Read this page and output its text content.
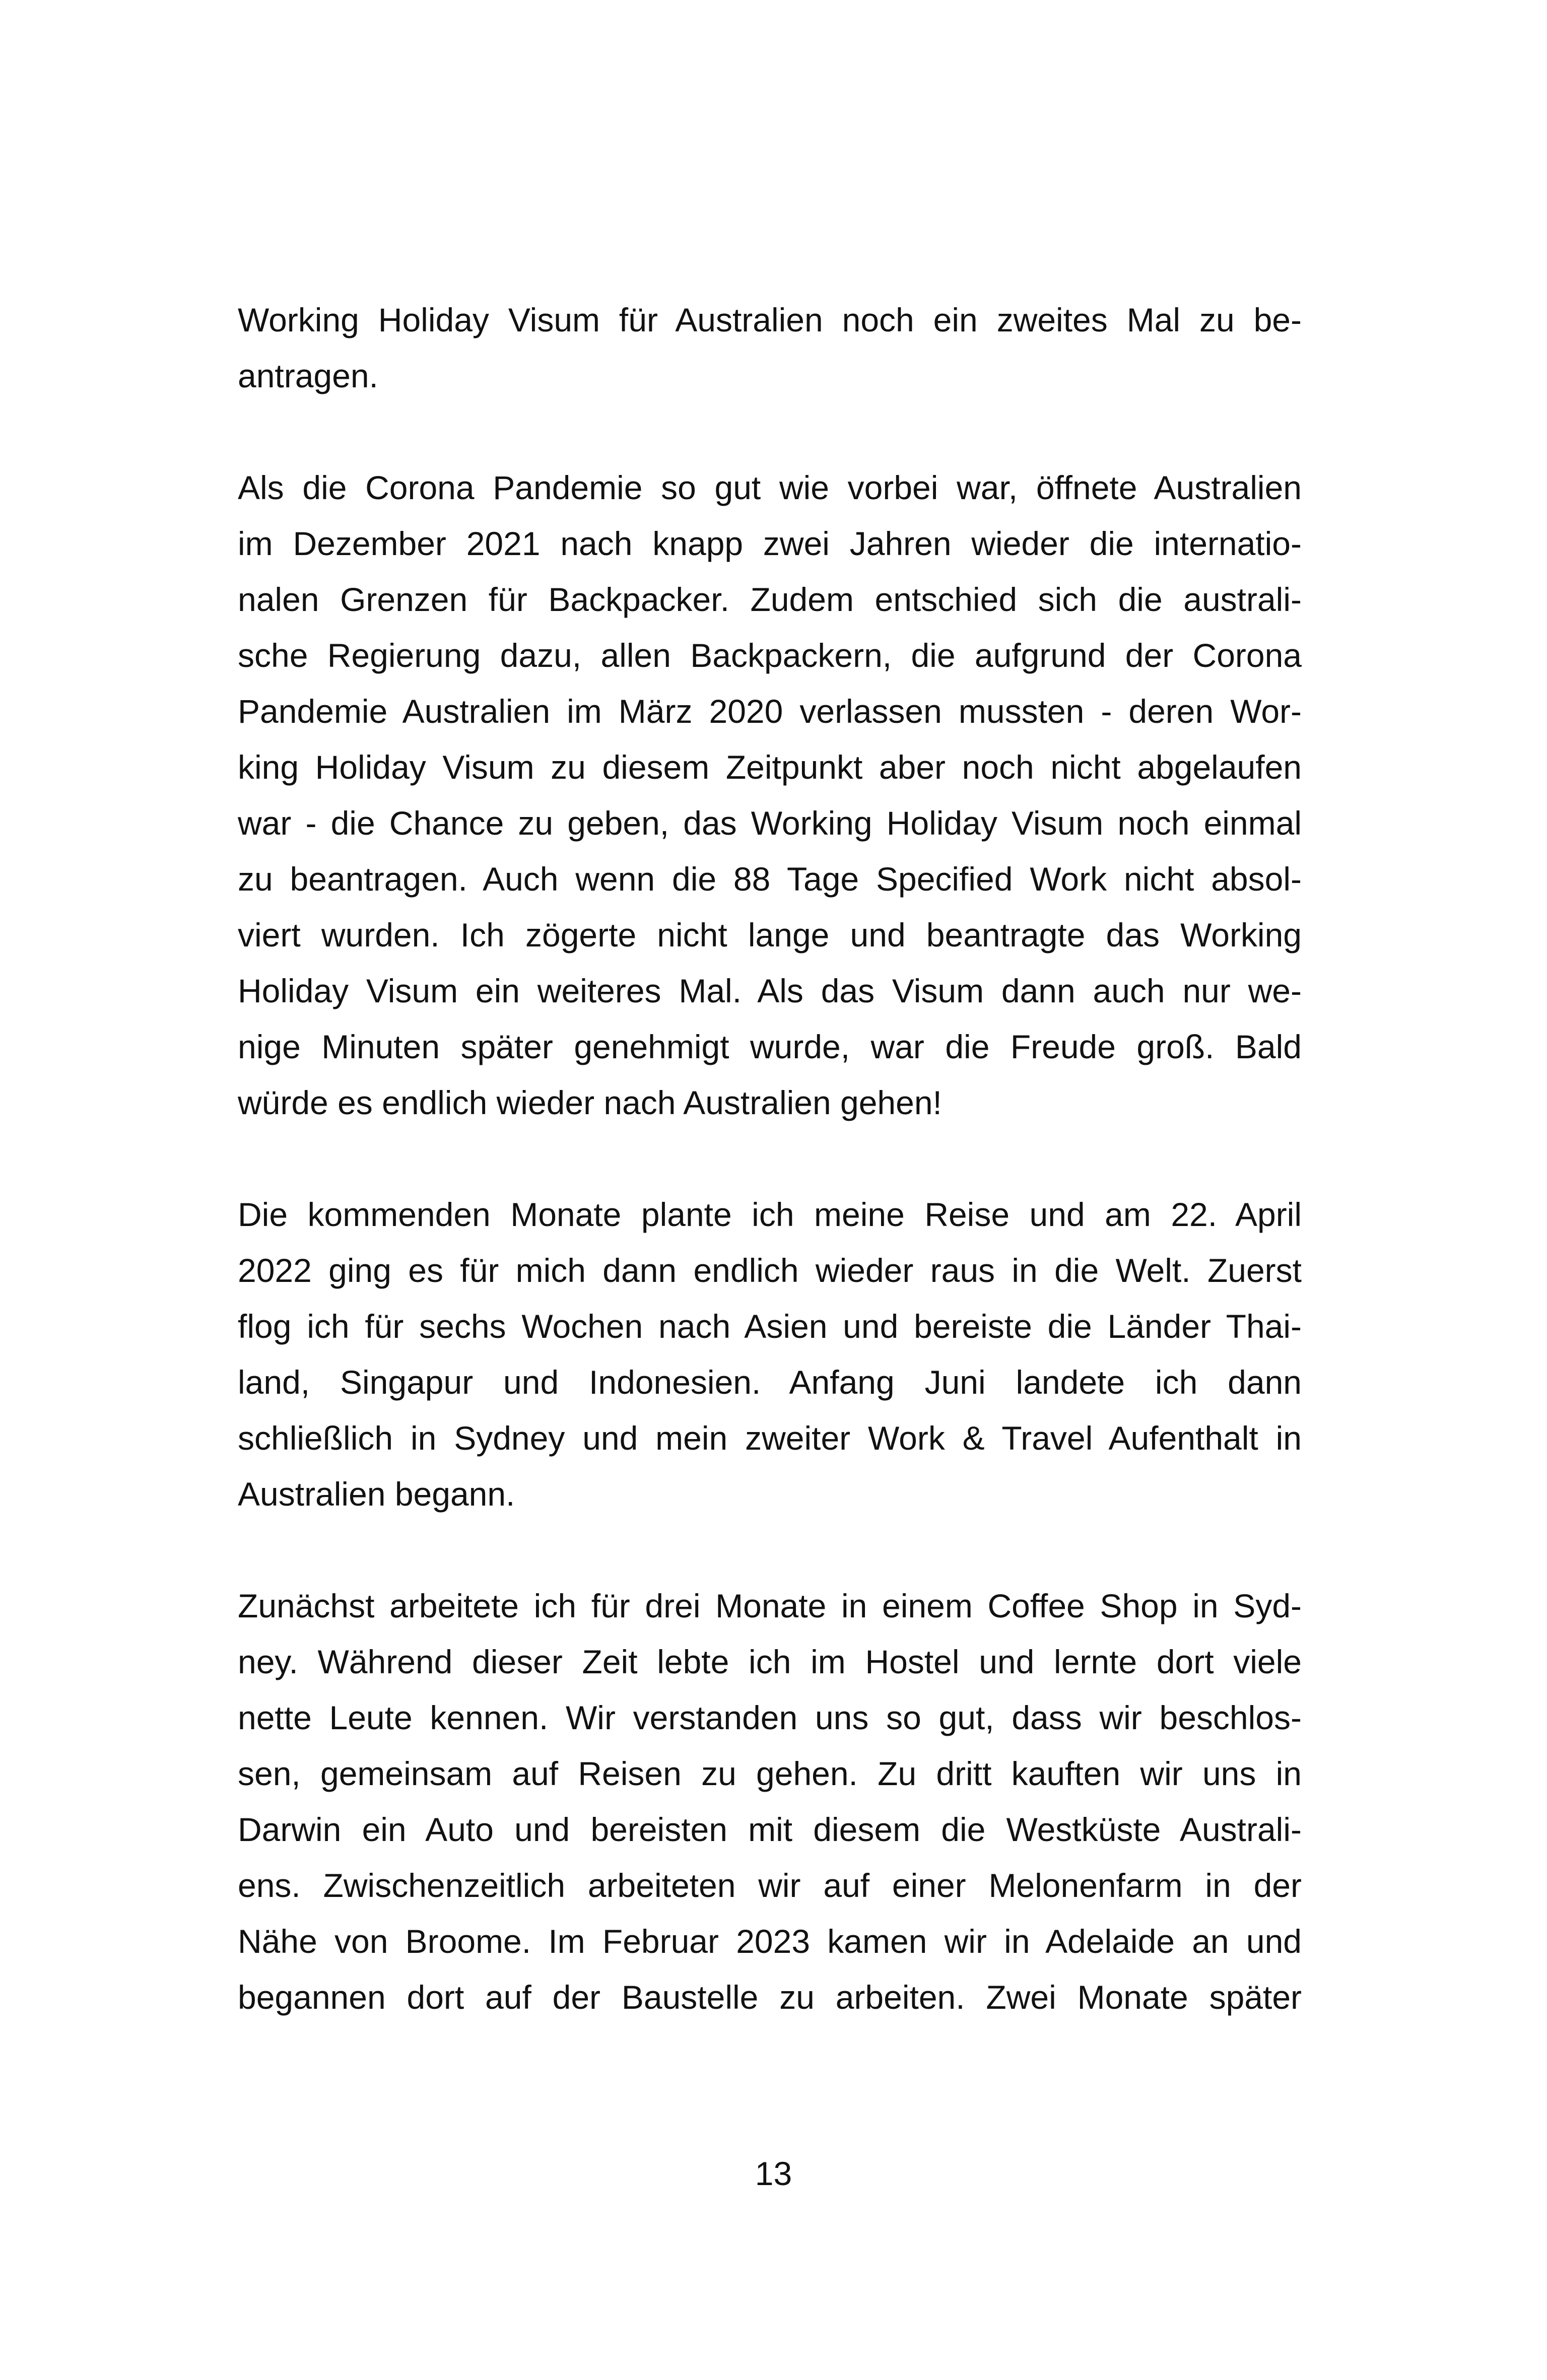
Working Holiday Visum für Australien noch ein zweites Mal zu be-
antragen.

Als die Corona Pandemie so gut wie vorbei war, öffnete Australien
im Dezember 2021 nach knapp zwei Jahren wieder die internatio-
nalen Grenzen für Backpacker. Zudem entschied sich die australi-
sche Regierung dazu, allen Backpackern, die aufgrund der Corona
Pandemie Australien im März 2020 verlassen mussten - deren Wor-
king Holiday Visum zu diesem Zeitpunkt aber noch nicht abgelaufen
war - die Chance zu geben, das Working Holiday Visum noch einmal
zu beantragen. Auch wenn die 88 Tage Specified Work nicht absol-
viert wurden. Ich zögerte nicht lange und beantragte das Working
Holiday Visum ein weiteres Mal. Als das Visum dann auch nur we-
nige Minuten später genehmigt wurde, war die Freude groß. Bald
würde es endlich wieder nach Australien gehen!

Die kommenden Monate plante ich meine Reise und am 22. April
2022 ging es für mich dann endlich wieder raus in die Welt. Zuerst
flog ich für sechs Wochen nach Asien und bereiste die Länder Thai-
land, Singapur und Indonesien. Anfang Juni landete ich dann
schließlich in Sydney und mein zweiter Work & Travel Aufenthalt in
Australien begann.

Zunächst arbeitete ich für drei Monate in einem Coffee Shop in Syd-
ney. Während dieser Zeit lebte ich im Hostel und lernte dort viele
nette Leute kennen. Wir verstanden uns so gut, dass wir beschlos-
sen, gemeinsam auf Reisen zu gehen. Zu dritt kauften wir uns in
Darwin ein Auto und bereisten mit diesem die Westküste Australi-
ens. Zwischenzeitlich arbeiteten wir auf einer Melonenfarm in der
Nähe von Broome. Im Februar 2023 kamen wir in Adelaide an und
begannen dort auf der Baustelle zu arbeiten. Zwei Monate später

13
